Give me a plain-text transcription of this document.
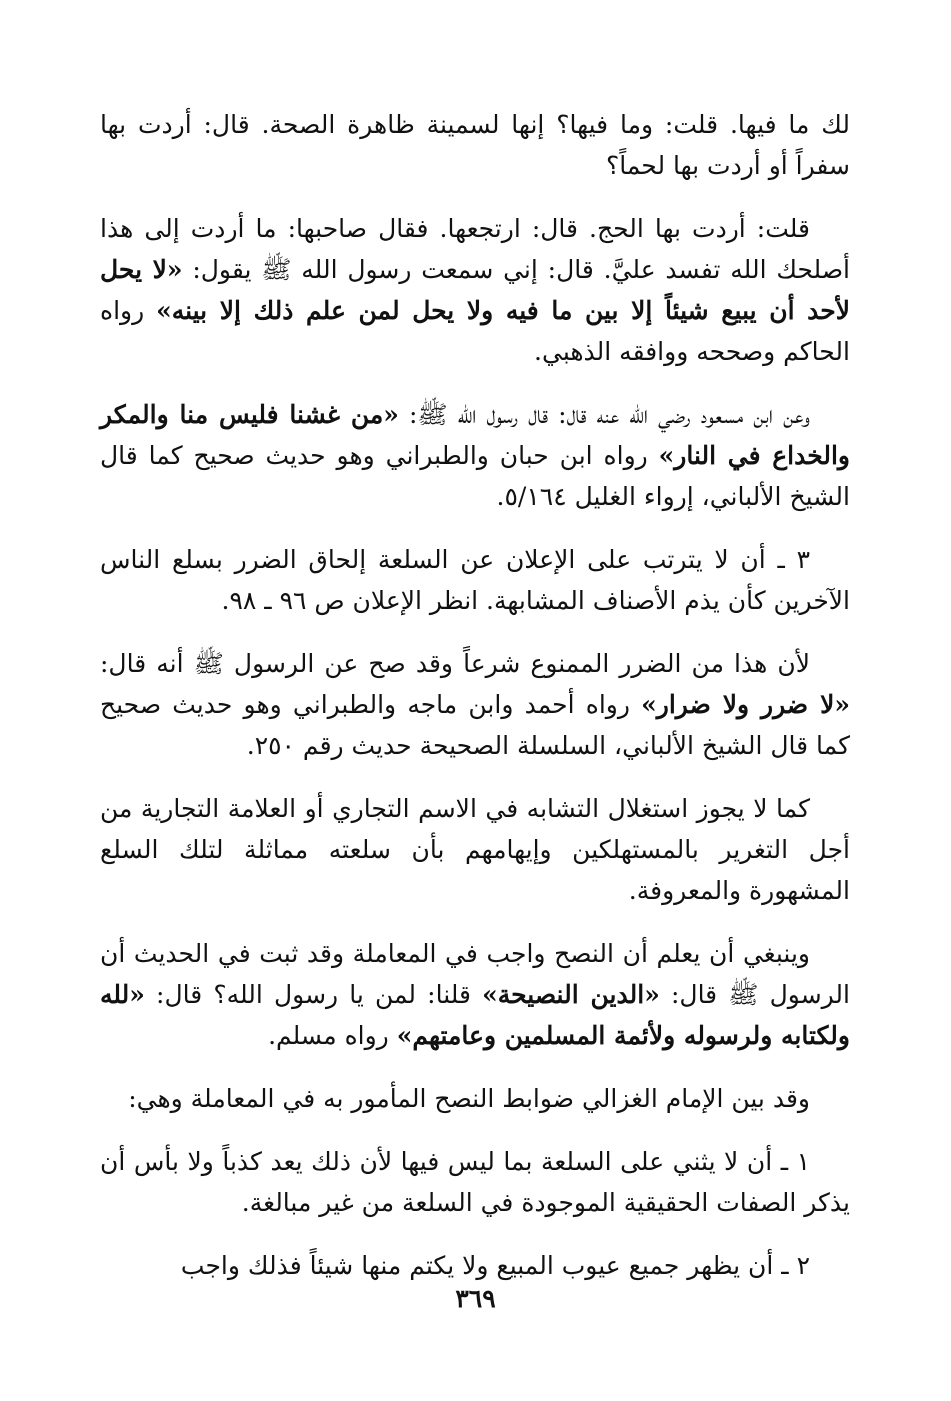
لك ما فيها. قلت: وما فيها؟ إنها لسمينة ظاهرة الصحة. قال: أردت بها سفراً أو أردت بها لحماً؟

قلت: أردت بها الحج. قال: ارتجعها. فقال صاحبها: ما أردت إلى هذا أصلحك الله تفسد عليَّ. قال: إني سمعت رسول الله ﷺ يقول: «لا يحل لأحد أن يبيع شيئاً إلا بين ما فيه ولا يحل لمن علم ذلك إلا بينه» رواه الحاكم وصححه ووافقه الذهبي.

وعن ابن مسعود رضي الله عنه قال: قال رسول الله ﷺ: «من غشنا فليس منا والمكر والخداع في النار» رواه ابن حبان والطبراني وهو حديث صحيح كما قال الشيخ الألباني، إرواء الغليل ٥/١٦٤.

٣ ـ أن لا يترتب على الإعلان عن السلعة إلحاق الضرر بسلع الناس الآخرين كأن يذم الأصناف المشابهة. انظر الإعلان ص ٩٦ ـ ٩٨.

لأن هذا من الضرر الممنوع شرعاً وقد صح عن الرسول ﷺ أنه قال: «لا ضرر ولا ضرار» رواه أحمد وابن ماجه والطبراني وهو حديث صحيح كما قال الشيخ الألباني، السلسلة الصحيحة حديث رقم ٢٥٠.

كما لا يجوز استغلال التشابه في الاسم التجاري أو العلامة التجارية من أجل التغرير بالمستهلكين وإيهامهم بأن سلعته مماثلة لتلك السلع المشهورة والمعروفة.

وينبغي أن يعلم أن النصح واجب في المعاملة وقد ثبت في الحديث أن الرسول ﷺ قال: «الدين النصيحة» قلنا: لمن يا رسول الله؟ قال: «لله ولكتابه ولرسوله ولأئمة المسلمين وعامتهم» رواه مسلم.

وقد بين الإمام الغزالي ضوابط النصح المأمور به في المعاملة وهي:

١ ـ أن لا يثني على السلعة بما ليس فيها لأن ذلك يعد كذباً ولا بأس أن يذكر الصفات الحقيقية الموجودة في السلعة من غير مبالغة.

٢ ـ أن يظهر جميع عيوب المبيع ولا يكتم منها شيئاً فذلك واجب

٣٦٩
